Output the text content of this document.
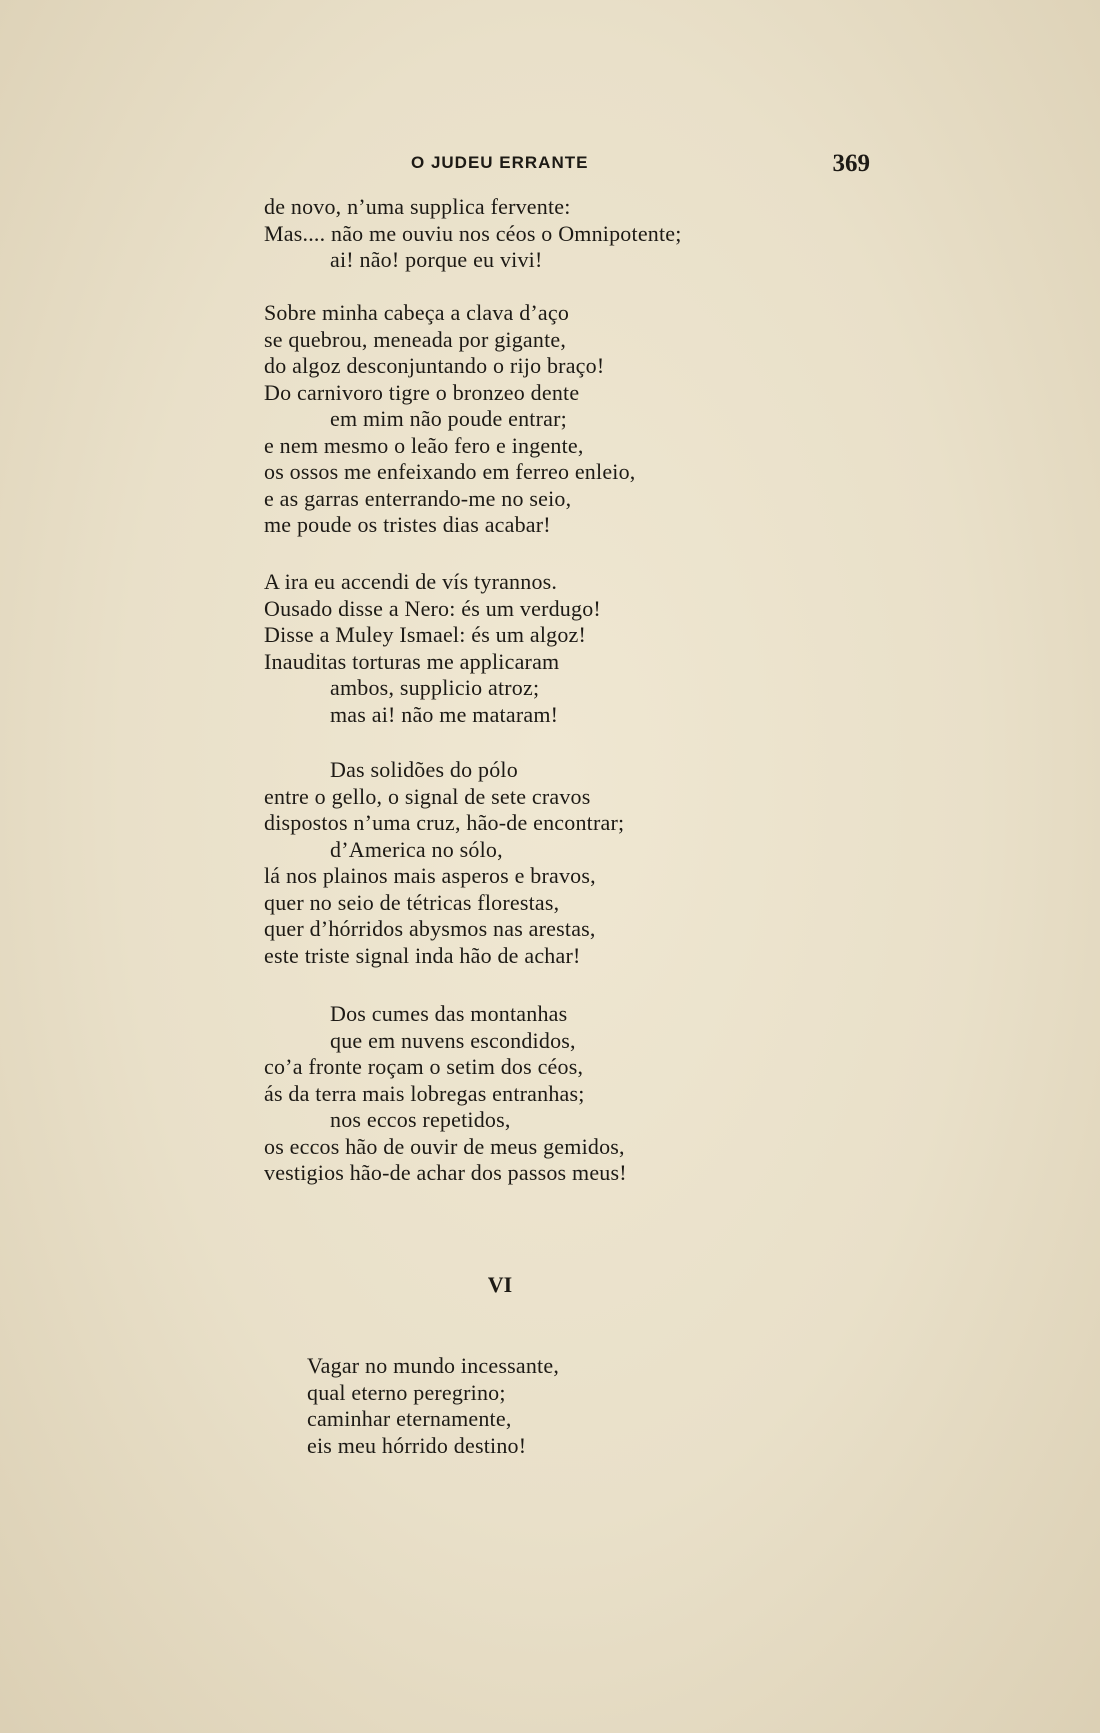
O JUDEU ERRANTE	369
de novo, n’uma supplica fervente:
Mas.... não me ouviu nos céos o Omnipotente;
ai! não! porque eu vivi!
Sobre minha cabeça a clava d’aço
se quebrou, meneada por gigante,
do algoz desconjuntando o rijo braço!
Do carnivoro tigre o bronzeo dente
em mim não poude entrar;
e nem mesmo o leão fero e ingente,
os ossos me enfeixando em ferreo enleio,
e as garras enterrando-me no seio,
me poude os tristes dias acabar!
A ira eu accendi de vís tyrannos.
Ousado disse a Nero: és um verdugo!
Disse a Muley Ismael: és um algoz!
Inauditas torturas me applicaram
ambos, supplicio atroz;
mas ai! não me mataram!
Das solidões do pólo
entre o gello, o signal de sete cravos
dispostos n’uma cruz, hão-de encontrar;
d’America no sólo,
lá nos plainos mais asperos e bravos,
quer no seio de tétricas florestas,
quer d’hórridos abysmos nas arestas,
este triste signal inda hão de achar!
Dos cumes das montanhas
que em nuvens escondidos,
co’a fronte roçam o setim dos céos,
ás da terra mais lobregas entranhas;
nos eccos repetidos,
os eccos hão de ouvir de meus gemidos,
vestigios hão-de achar dos passos meus!
VI
Vagar no mundo incessante,
qual eterno peregrino;
caminhar eternamente,
eis meu hórrido destino!
